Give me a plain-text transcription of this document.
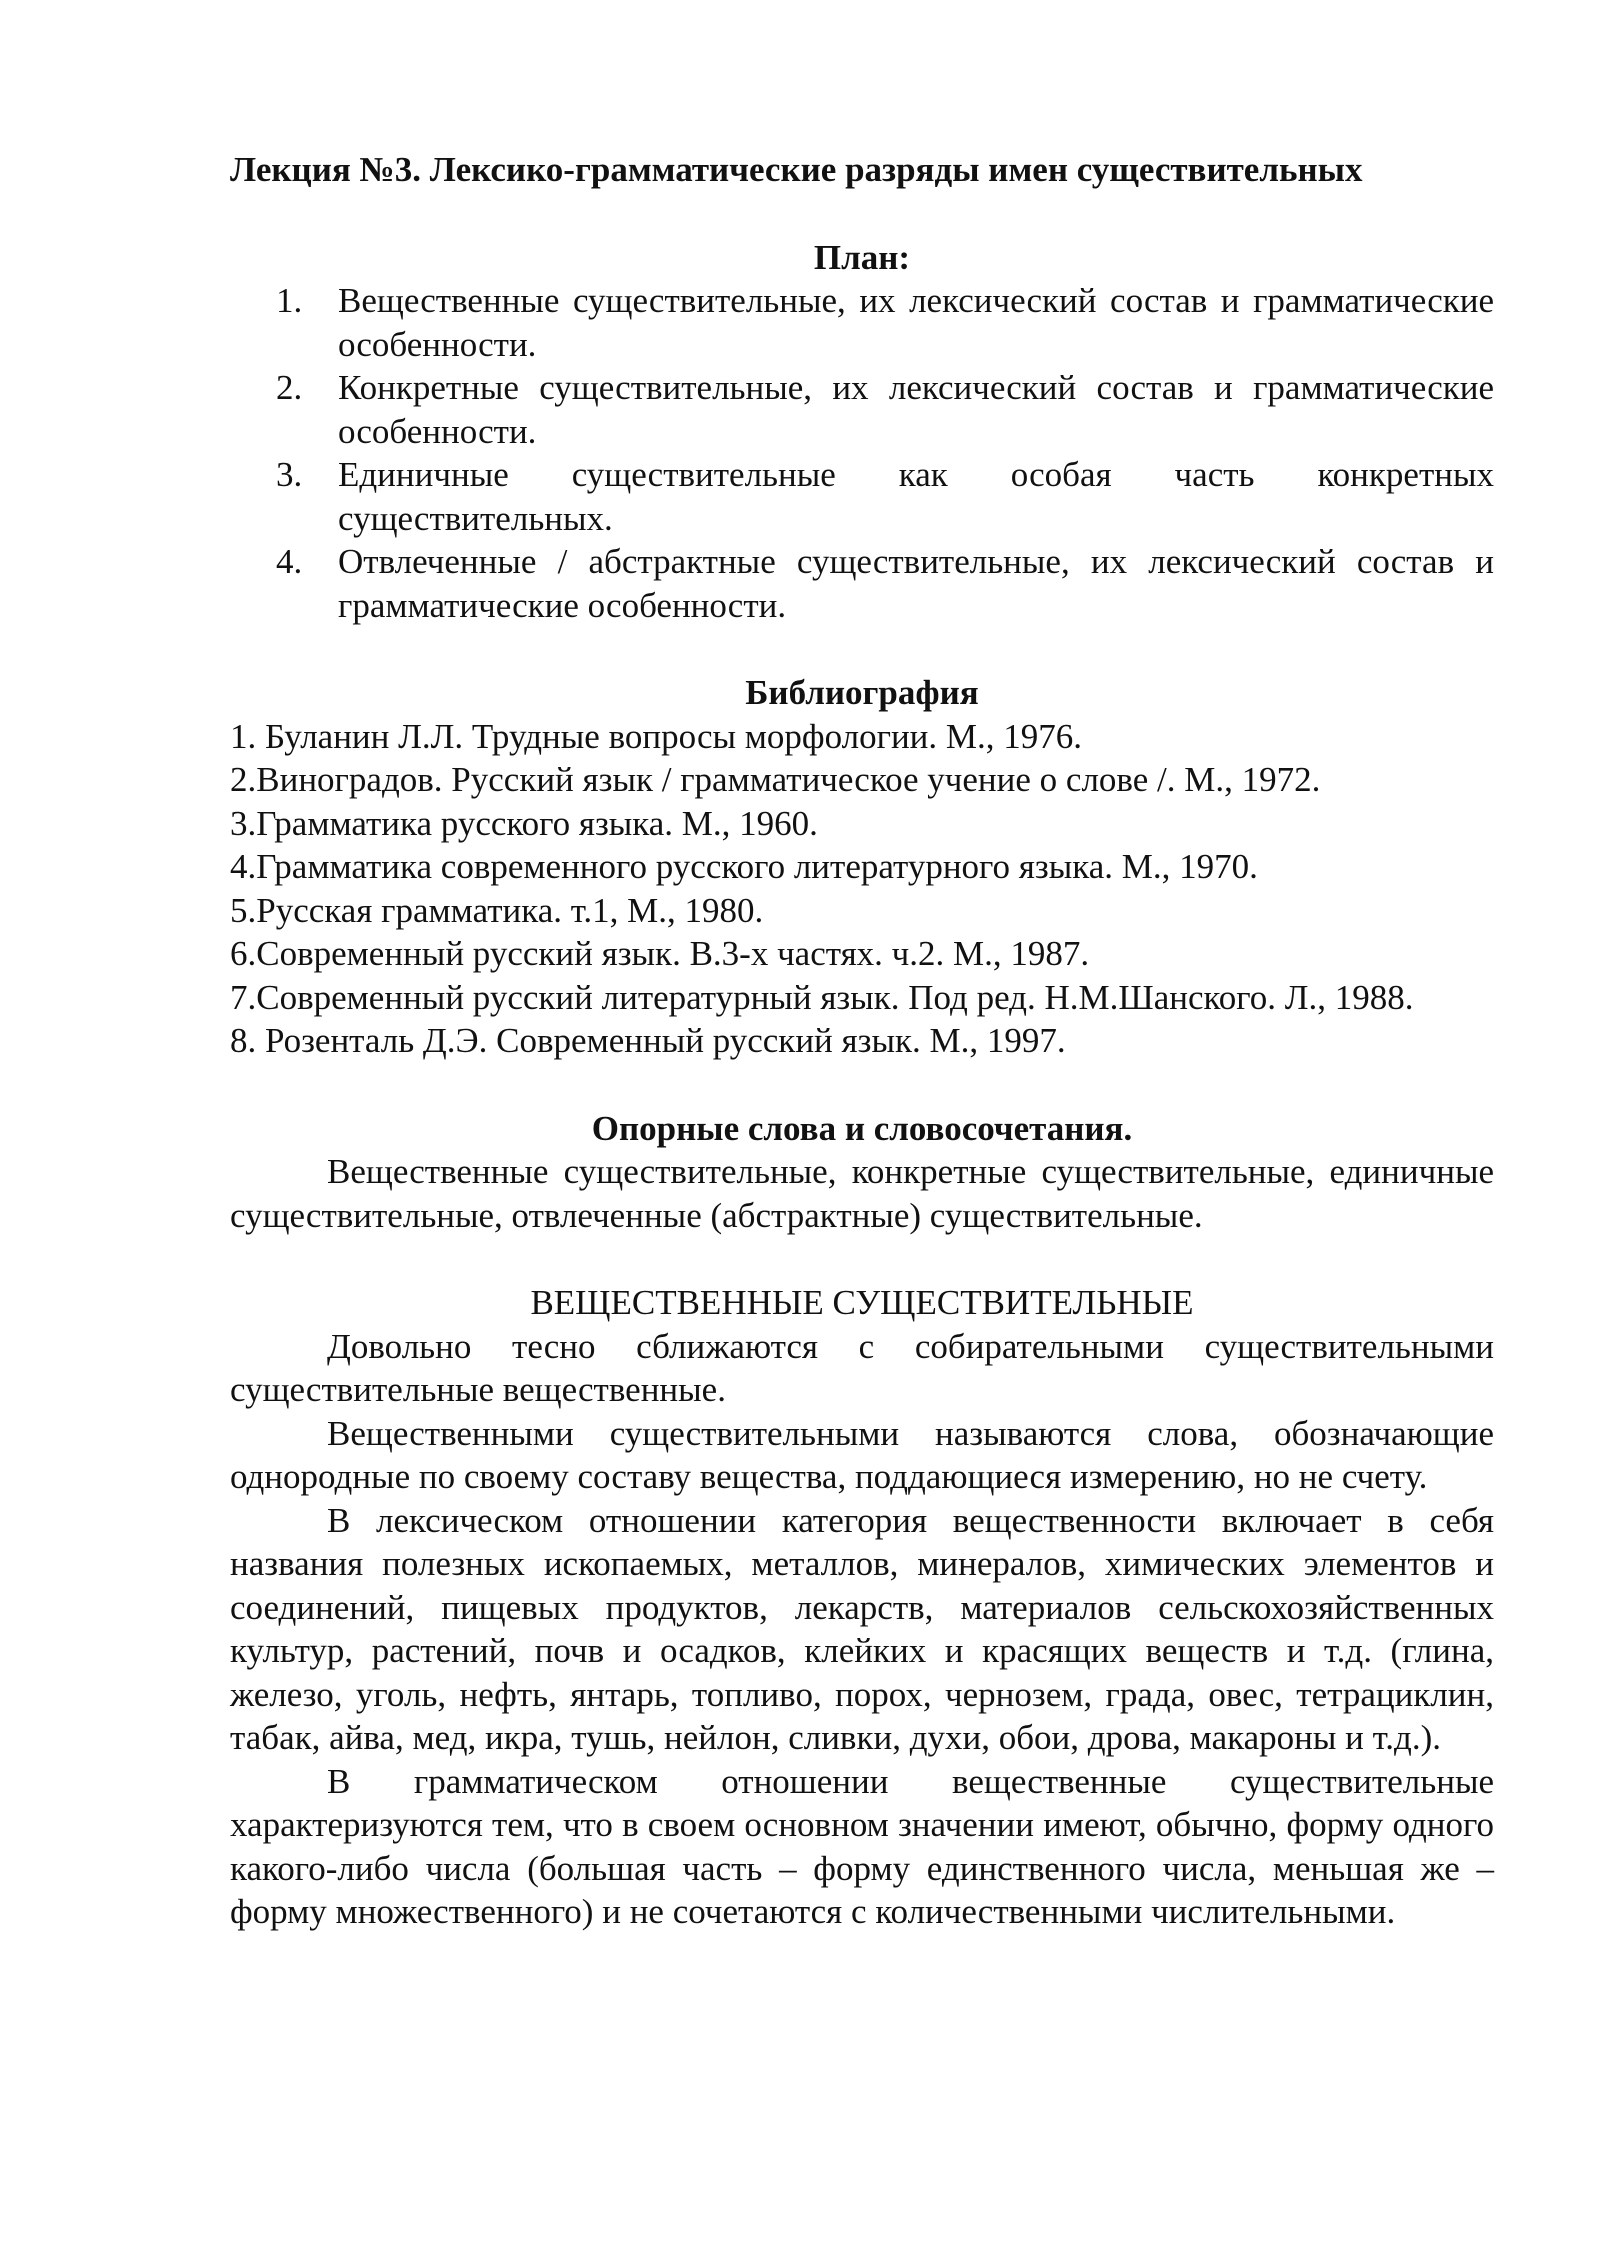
Лекция №3. Лексико-грамматические разряды имен существительных
План:
1. Вещественные существительные, их лексический состав и грамматические особенности.
2. Конкретные существительные, их лексический состав и грамматические особенности.
3. Единичные существительные как особая часть конкретных существительных.
4. Отвлеченные / абстрактные существительные, их лексический состав и грамматические особенности.
Библиография
1. Буланин Л.Л. Трудные вопросы морфологии. М., 1976.
2.Виноградов. Русский язык / грамматическое учение о слове /. М., 1972.
3.Грамматика русского языка. М., 1960.
4.Грамматика современного русского литературного языка. М., 1970.
5.Русская грамматика. т.1, М., 1980.
6.Современный русский язык. В.3-х частях. ч.2. М., 1987.
7.Современный русский литературный язык. Под ред. Н.М.Шанского. Л., 1988.
8. Розенталь Д.Э. Современный русский язык. М., 1997.
Опорные слова и словосочетания.

Вещественные существительные, конкретные существительные, единичные существительные, отвлеченные (абстрактные) существительные.

ВЕЩЕСТВЕННЫЕ СУЩЕСТВИТЕЛЬНЫЕ

Довольно тесно сближаются с собирательными существительными существительные вещественные.

Вещественными существительными называются слова, обозначающие однородные по своему составу вещества, поддающиеся измерению, но не счету.

В лексическом отношении категория вещественности включает в себя названия полезных ископаемых, металлов, минералов, химических элементов и соединений, пищевых продуктов, лекарств, материалов сельскохозяйственных культур, растений, почв и осадков, клейких и красящих веществ и т.д. (глина, железо, уголь, нефть, янтарь, топливо, порох, чернозем, града, овес, тетрациклин, табак, айва, мед, икра, тушь, нейлон, сливки, духи, обои, дрова, макароны и т.д.).

В грамматическом отношении вещественные существительные характеризуются тем, что в своем основном значении имеют, обычно, форму одного какого-либо числа (большая часть – форму единственного числа, меньшая же – форму множественного) и не сочетаются с количественными числительными.
